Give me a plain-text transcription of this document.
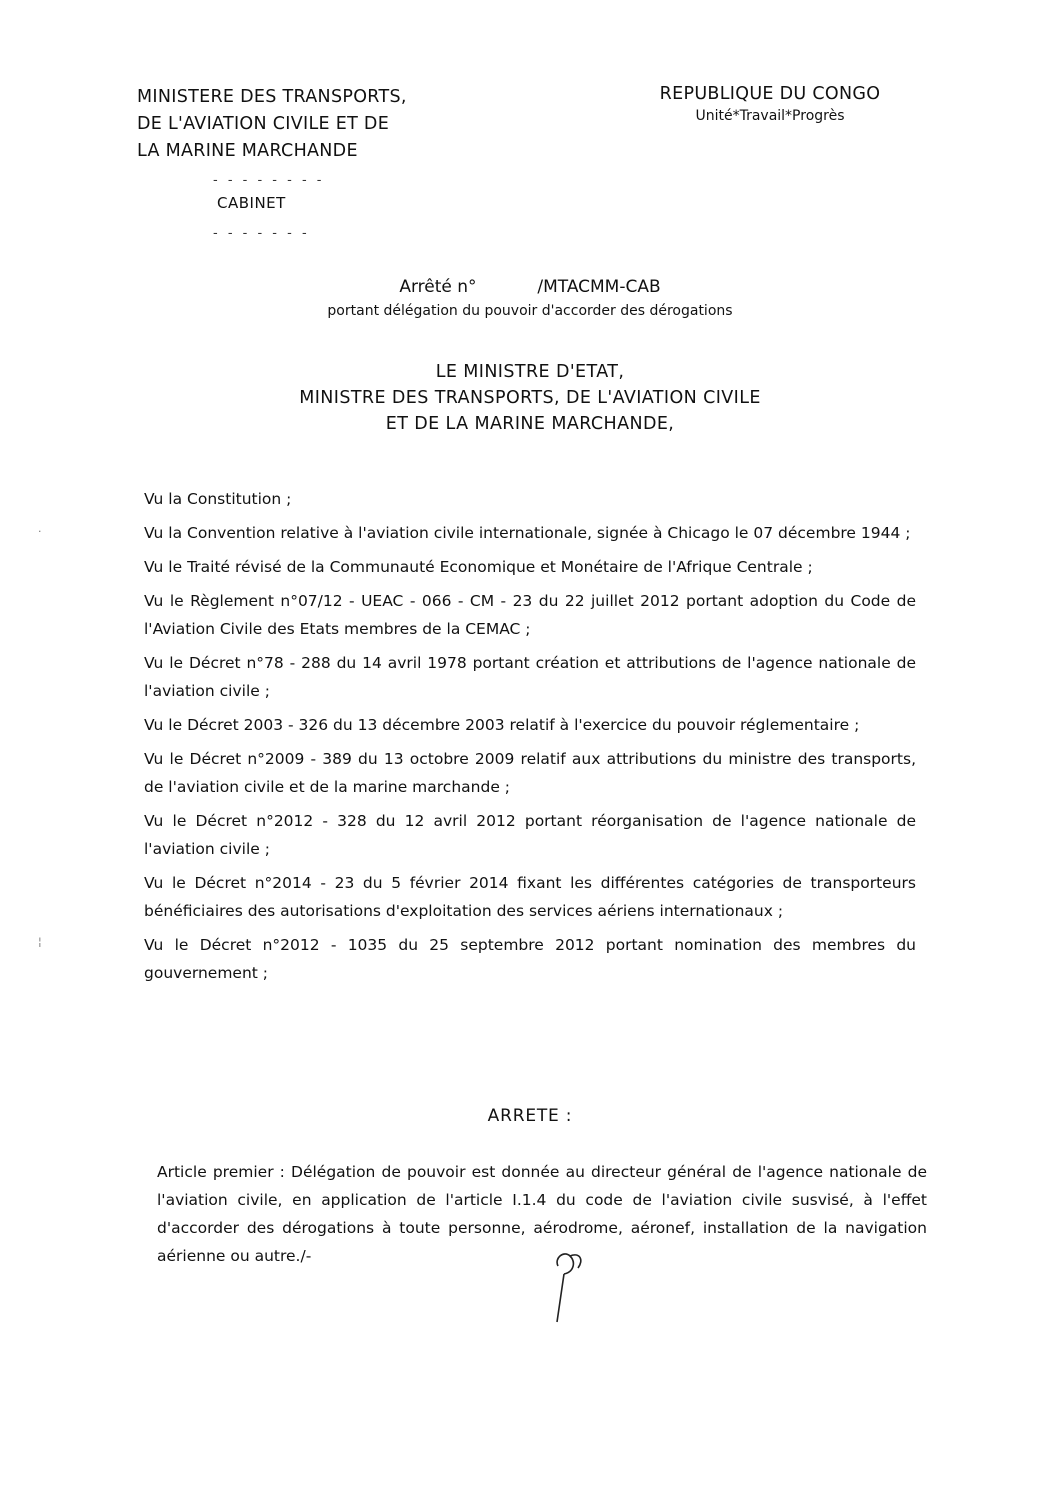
MINISTERE DES TRANSPORTS,
DE L'AVIATION CIVILE ET DE
LA MARINE MARCHANDE
- - - - - - - -
CABINET
- - - - - - -
REPUBLIQUE DU CONGO
Unité*Travail*Progrès
Arrêté n°	/MTACMM-CAB
portant délégation du pouvoir d'accorder des dérogations
LE MINISTRE D'ETAT,
MINISTRE DES TRANSPORTS, DE L'AVIATION CIVILE
ET DE LA MARINE MARCHANDE,
·
¦
Vu la Constitution ;
Vu la Convention relative à l'aviation civile internationale, signée à Chicago le 07 décembre 1944 ;
Vu le Traité révisé de la Communauté Economique et Monétaire de l'Afrique Centrale ;
Vu le Règlement n°07/12 - UEAC - 066 - CM - 23 du 22 juillet 2012 portant adoption du Code de l'Aviation Civile des Etats membres de la CEMAC ;
Vu le Décret n°78 - 288 du 14 avril 1978 portant création et attributions de l'agence nationale de l'aviation civile ;
Vu le Décret 2003 - 326 du 13 décembre 2003 relatif à l'exercice du pouvoir réglementaire ;
Vu le Décret n°2009 - 389 du 13 octobre 2009 relatif aux attributions du ministre des transports, de l'aviation civile et de la marine marchande ;
Vu le Décret n°2012 - 328 du 12 avril 2012 portant réorganisation de l'agence nationale de l'aviation civile ;
Vu le Décret n°2014 - 23 du 5 février 2014 fixant les différentes catégories de transporteurs bénéficiaires des autorisations d'exploitation des services aériens internationaux ;
Vu le Décret n°2012 - 1035 du 25 septembre 2012 portant nomination des membres du gouvernement ;
ARRETE :
Article premier : Délégation de pouvoir est donnée au directeur général de l'agence nationale de l'aviation civile, en application de l'article I.1.4 du code de l'aviation civile susvisé, à l'effet d'accorder des dérogations à toute personne, aérodrome, aéronef, installation de la navigation aérienne ou autre./-
